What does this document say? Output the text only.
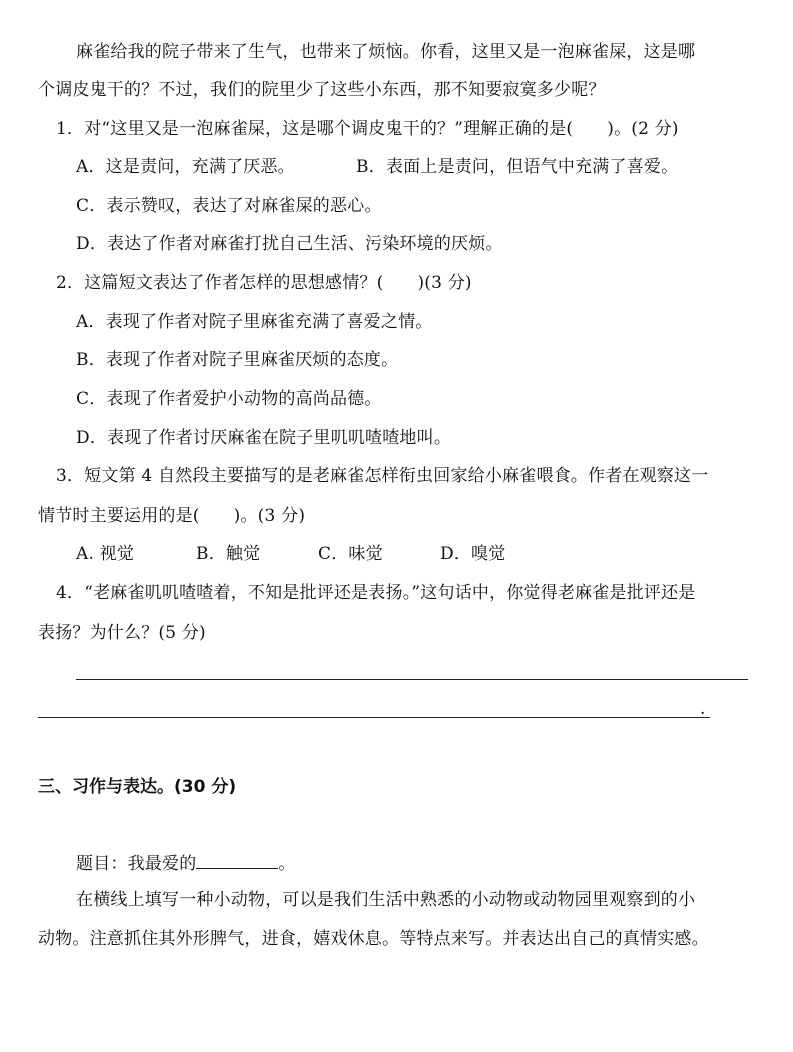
麻雀给我的院子带来了生气，也带来了烦恼。你看，这里又是一泡麻雀屎，这是哪
个调皮鬼干的？不过，我们的院里少了这些小东西，那不知要寂寞多少呢？
1．对“这里又是一泡麻雀屎，这是哪个调皮鬼干的？”理解正确的是( )。(2 分)
A．这是责问，充满了厌恶。	B．表面上是责问，但语气中充满了喜爱。
C．表示赞叹，表达了对麻雀屎的恶心。
D．表达了作者对麻雀打扰自己生活、污染环境的厌烦。
2．这篇短文表达了作者怎样的思想感情？( )(3 分)
A．表现了作者对院子里麻雀充满了喜爱之情。
B．表现了作者对院子里麻雀厌烦的态度。
C．表现了作者爱护小动物的高尚品德。
D．表现了作者讨厌麻雀在院子里叽叽喳喳地叫。
3．短文第 4 自然段主要描写的是老麻雀怎样衔虫回家给小麻雀喂食。作者在观察这一
情节时主要运用的是( )。(3 分)
A. 视觉	B．触觉	C．味觉	D．嗅觉
4．“老麻雀叽叽喳喳着，不知是批评还是表扬。”这句话中，你觉得老麻雀是批评还是
表扬？为什么？(5 分)
.
三、习作与表达。(30 分)
题目：我最爱的	。
在横线上填写一种小动物，可以是我们生活中熟悉的小动物或动物园里观察到的小
动物。注意抓住其外形脾气，进食，嬉戏休息。等特点来写。并表达出自己的真情实感。
